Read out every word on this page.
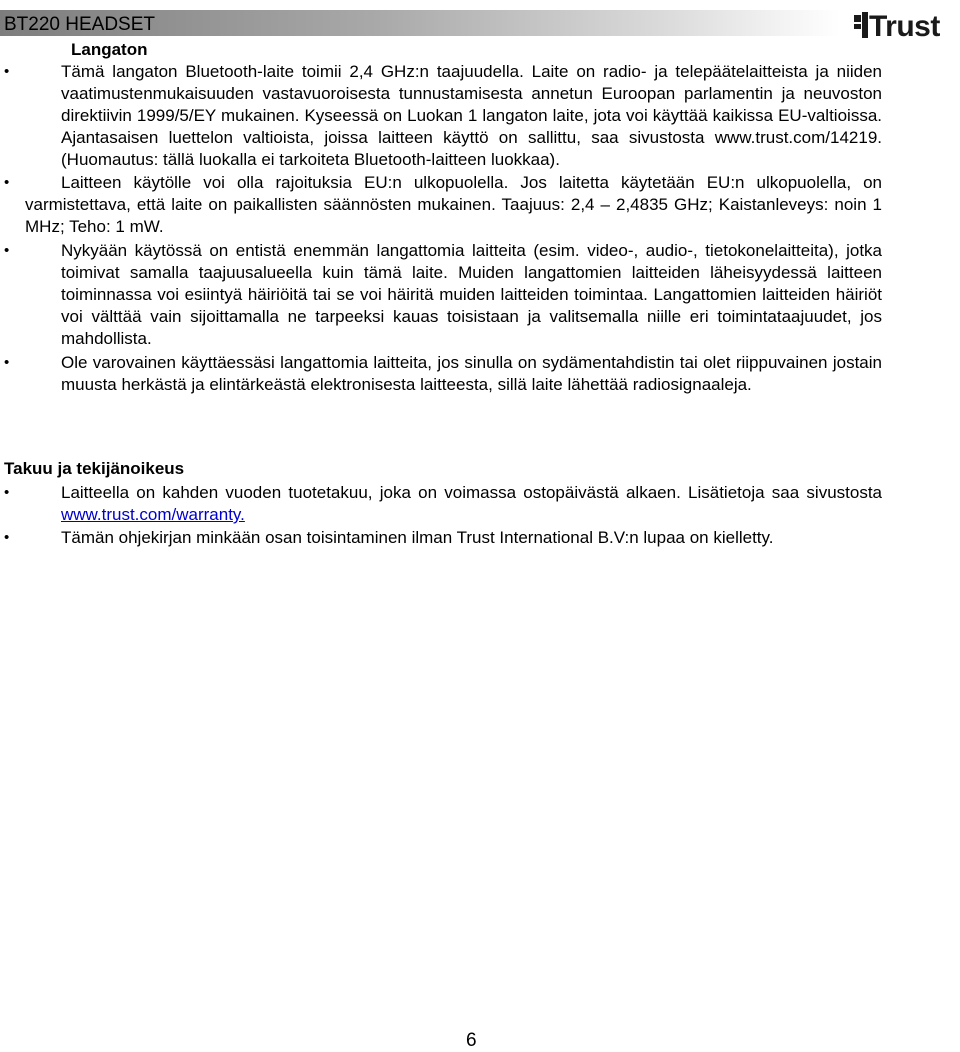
BT220 HEADSET	Trust
Langaton
•	Tämä langaton Bluetooth-laite toimii 2,4 GHz:n taajuudella. Laite on radio- ja telepäätelaitteista ja niiden vaatimustenmukaisuuden vastavuoroisesta tunnustamisesta annetun Euroopan parlamentin ja neuvoston direktiivin 1999/5/EY mukainen. Kyseessä on Luokan 1 langaton laite, jota voi käyttää kaikissa EU-valtioissa. Ajantasaisen luettelon valtioista, joissa laitteen käyttö on sallittu, saa sivustosta www.trust.com/14219. (Huomautus: tällä luokalla ei tarkoiteta Bluetooth-laitteen luokkaa).
•	Laitteen käytölle voi olla rajoituksia EU:n ulkopuolella. Jos laitetta käytetään EU:n ulkopuolella, on varmistettava, että laite on paikallisten säännösten mukainen. Taajuus: 2,4 – 2,4835 GHz; Kaistanleveys: noin 1 MHz; Teho: 1 mW.
•	Nykyään käytössä on entistä enemmän langattomia laitteita (esim. video-, audio-, tietokonelaitteita), jotka toimivat samalla taajuusalueella kuin tämä laite. Muiden langattomien laitteiden läheisyydessä laitteen toiminnassa voi esiintyä häiriöitä tai se voi häiritä muiden laitteiden toimintaa. Langattomien laitteiden häiriöt voi välttää vain sijoittamalla ne tarpeeksi kauas toisistaan ja valitsemalla niille eri toimintataajuudet, jos mahdollista.
•	Ole varovainen käyttäessäsi langattomia laitteita, jos sinulla on sydämentahdistin tai olet riippuvainen jostain muusta herkästä ja elintärkeästä elektronisesta laitteesta, sillä laite lähettää radiosignaaleja.
Takuu ja tekijänoikeus
•	Laitteella on kahden vuoden tuotetakuu, joka on voimassa ostopäivästä alkaen. Lisätietoja saa sivustosta www.trust.com/warranty.
•	Tämän ohjekirjan minkään osan toisintaminen ilman Trust International B.V:n lupaa on kielletty.
6
